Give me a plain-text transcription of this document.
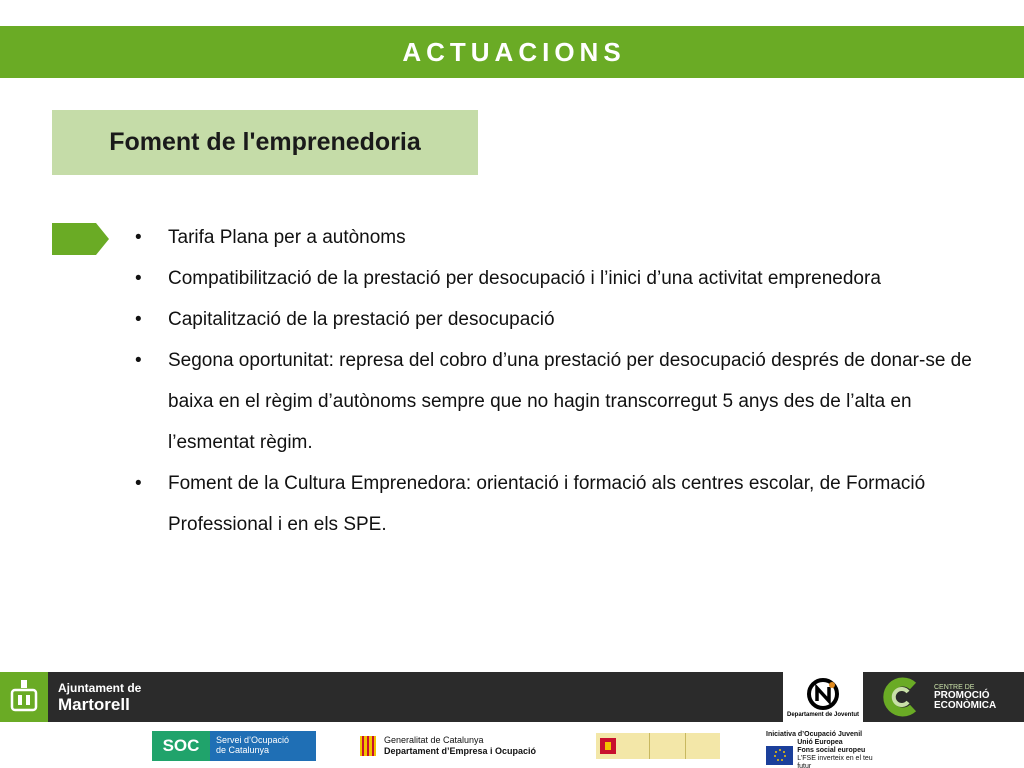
ACTUACIONS
Foment de l'emprenedoria
•	Tarifa Plana per a autònoms
•	Compatibilització de la prestació per desocupació i l’inici d’una activitat emprenedora
•	Capitalització de la prestació per desocupació
•	Segona oportunitat: represa del cobro d’una prestació per desocupació després de donar-se de baixa en el règim d’autònoms sempre que no hagin transcorregut 5 anys des de l’alta en l’esmentat règim.
•	Foment de la Cultura Emprenedora: orientació i formació als centres escolar, de Formació Professional i en els SPE.
Ajuntament de
Martorell
Departament de Joventut
CENTRE DE
PROMOCIÓ
ECONÒMICA
SOC	Servei d’Ocupació
de Catalunya
Generalitat de Catalunya
Departament d’Empresa i Ocupació
Iniciativa d’Ocupació Juvenil
Unió Europea
Fons social europeu
L’FSE inverteix en el teu futur
